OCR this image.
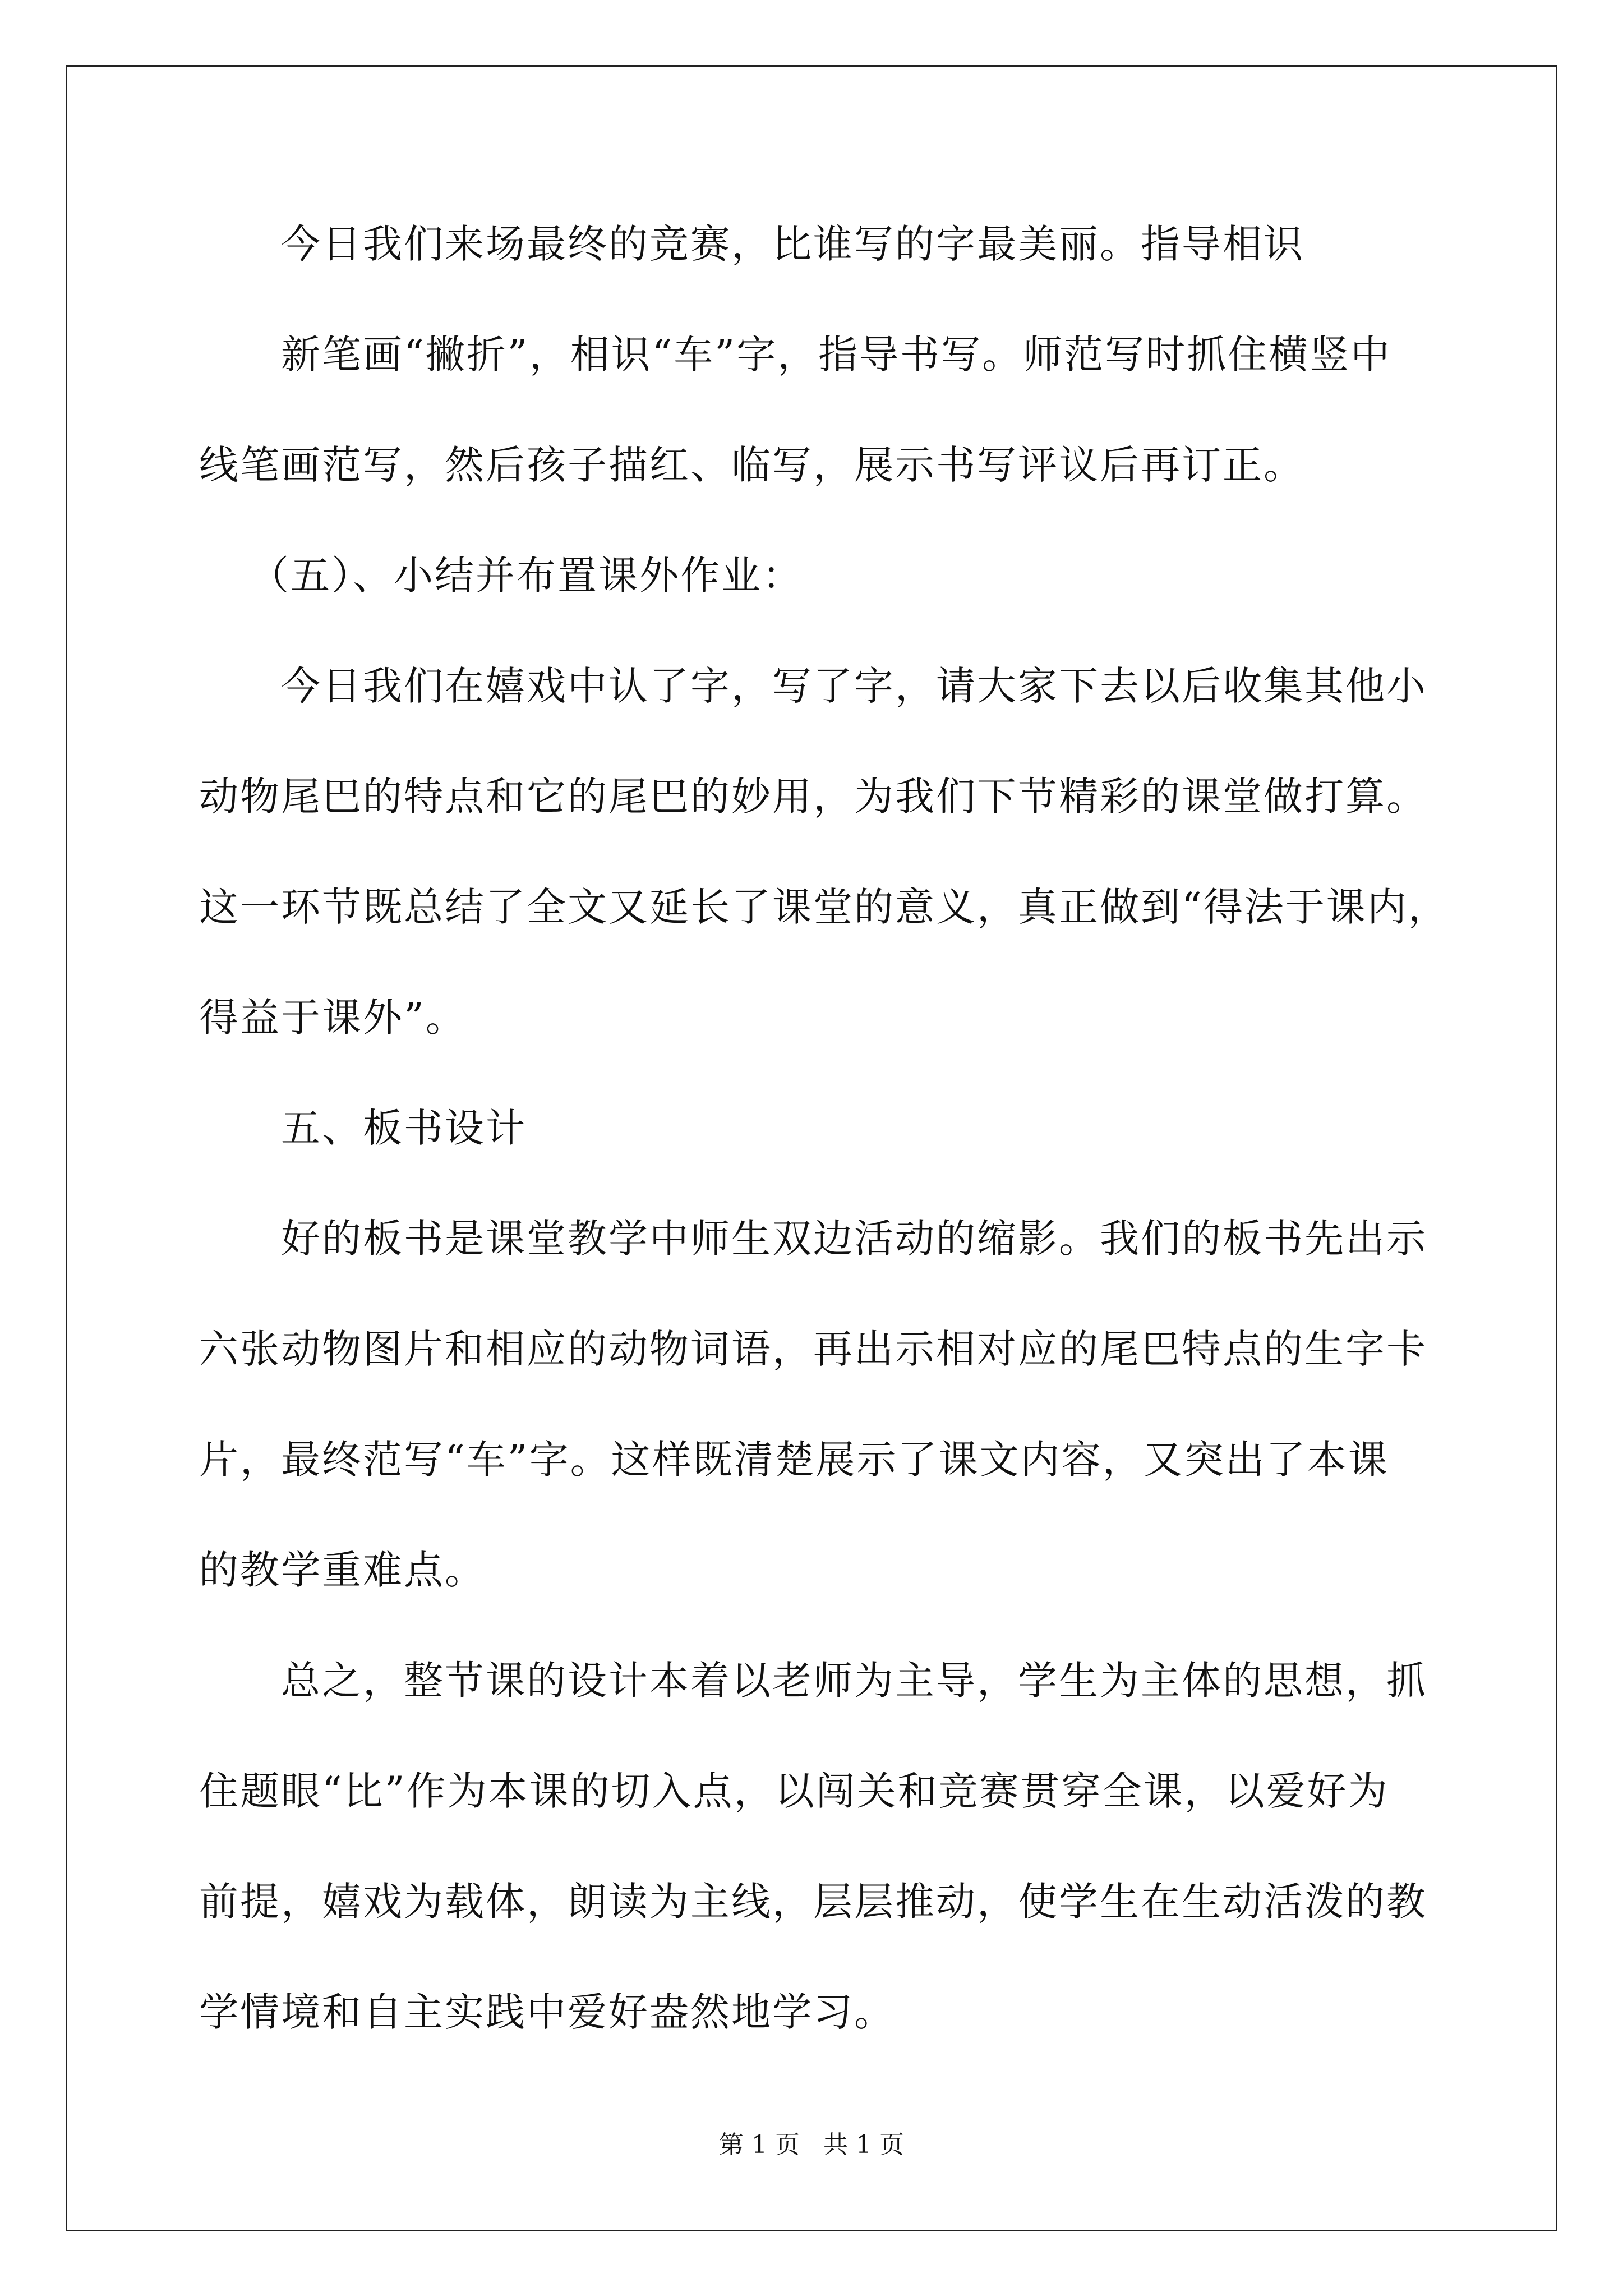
今日我们来场最终的竞赛，比谁写的字最美丽。指导相识
新笔画“撇折”，相识“车”字，指导书写。师范写时抓住横竖中
线笔画范写，然后孩子描红、临写，展示书写评议后再订正。
（五）、小结并布置课外作业：
今日我们在嬉戏中认了字，写了字，请大家下去以后收集其他小
动物尾巴的特点和它的尾巴的妙用，为我们下节精彩的课堂做打算。
这一环节既总结了全文又延长了课堂的意义，真正做到“得法于课内，
得益于课外”。
五、板书设计
好的板书是课堂教学中师生双边活动的缩影。我们的板书先出示
六张动物图片和相应的动物词语，再出示相对应的尾巴特点的生字卡
片，最终范写“车”字。这样既清楚展示了课文内容，又突出了本课
的教学重难点。
总之，整节课的设计本着以老师为主导，学生为主体的思想，抓
住题眼“比”作为本课的切入点，以闯关和竞赛贯穿全课，以爱好为
前提，嬉戏为载体，朗读为主线，层层推动，使学生在生动活泼的教
学情境和自主实践中爱好盎然地学习。
第 1 页   共 1 页
